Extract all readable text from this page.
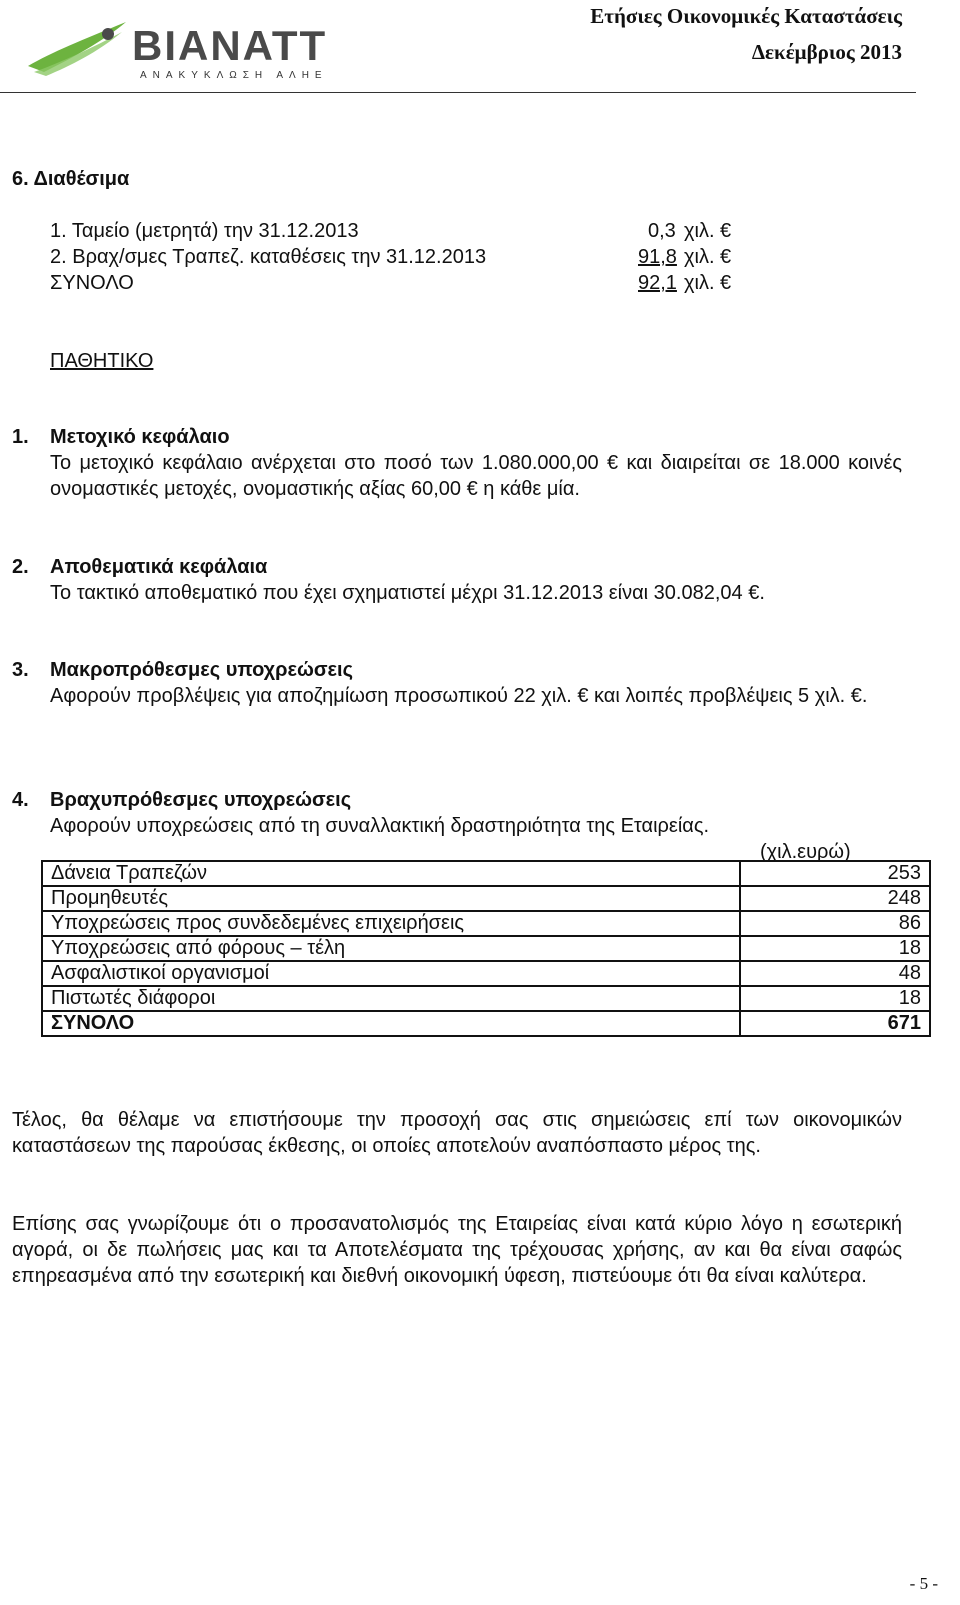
BIANATT
ΑΝΑΚΥΚΛΩΣΗ ΑΛΗΕ
Ετήσιες Οικονομικές Καταστάσεις
Δεκέμβριος 2013
6. Διαθέσιμα
1. Ταμείο (μετρητά) την 31.12.2013	0,3 χιλ. €
2. Βραχ/σμες Τραπεζ. καταθέσεις την 31.12.2013	91,8 χιλ. €
ΣΥΝΟΛΟ	92,1 χιλ. €
ΠΑΘΗΤΙΚΟ
1. Μετοχικό κεφάλαιο
Το μετοχικό κεφάλαιο ανέρχεται στο ποσό των 1.080.000,00 € και διαιρείται σε 18.000 κοινές ονομαστικές μετοχές, ονομαστικής αξίας 60,00 € η κάθε μία.
2. Αποθεματικά κεφάλαια
Το τακτικό αποθεματικό που έχει σχηματιστεί μέχρι 31.12.2013 είναι 30.082,04 €.
3. Μακροπρόθεσμες υποχρεώσεις
Αφορούν προβλέψεις για αποζημίωση προσωπικού 22 χιλ. € και λοιπές προβλέψεις 5 χιλ. €.
4. Βραχυπρόθεσμες υποχρεώσεις
Αφορούν υποχρεώσεις από τη συναλλακτική δραστηριότητα της Εταιρείας.
(χιλ.ευρώ)
Δάνεια Τραπεζών	253
Προμηθευτές	248
Υποχρεώσεις προς συνδεδεμένες επιχειρήσεις	86
Υποχρεώσεις από φόρους – τέλη	18
Ασφαλιστικοί οργανισμοί	48
Πιστωτές διάφοροι	18
ΣΥΝΟΛΟ	671
Τέλος, θα θέλαμε να επιστήσουμε την προσοχή σας στις σημειώσεις επί των οικονομικών καταστάσεων της παρούσας έκθεσης, οι οποίες αποτελούν αναπόσπαστο μέρος της.
Επίσης σας γνωρίζουμε ότι ο προσανατολισμός της Εταιρείας είναι κατά κύριο λόγο η εσωτερική αγορά, οι δε πωλήσεις μας και τα Αποτελέσματα της τρέχουσας χρήσης, αν και θα είναι σαφώς επηρεασμένα από την εσωτερική και διεθνή οικονομική ύφεση, πιστεύουμε ότι θα είναι καλύτερα.
- 5 -
